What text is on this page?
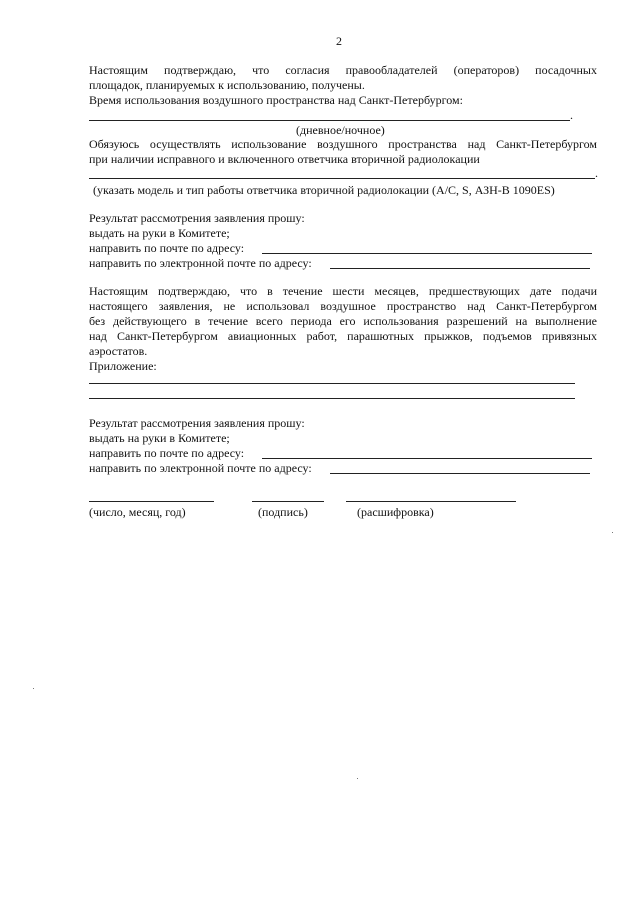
2
Настоящим подтверждаю, что согласия правообладателей (операторов) посадочных
площадок, планируемых к использованию, получены.
Время использования воздушного пространства над Санкт-Петербургом:
.
(дневное/ночное)
Обязуюсь осуществлять использование воздушного пространства над Санкт-Петербургом
при наличии исправного и включенного ответчика вторичной радиолокации
.
(указать модель и тип работы ответчика вторичной радиолокации (A/C, S, АЗН-В 1090ES)
Результат рассмотрения заявления прошу:
выдать на руки в Комитете;
направить по почте по адресу:
направить по электронной почте по адресу:
Настоящим подтверждаю, что в течение шести месяцев, предшествующих дате подачи
настоящего заявления, не использовал воздушное пространство над Санкт-Петербургом
без действующего в течение всего периода его использования разрешений на выполнение
над Санкт-Петербургом авиационных работ, парашютных прыжков, подъемов привязных
аэростатов.
Приложение:
Результат рассмотрения заявления прошу:
выдать на руки в Комитете;
направить по почте по адресу:
направить по электронной почте по адресу:
(число, месяц, год)	(подпись)	(расшифровка)
